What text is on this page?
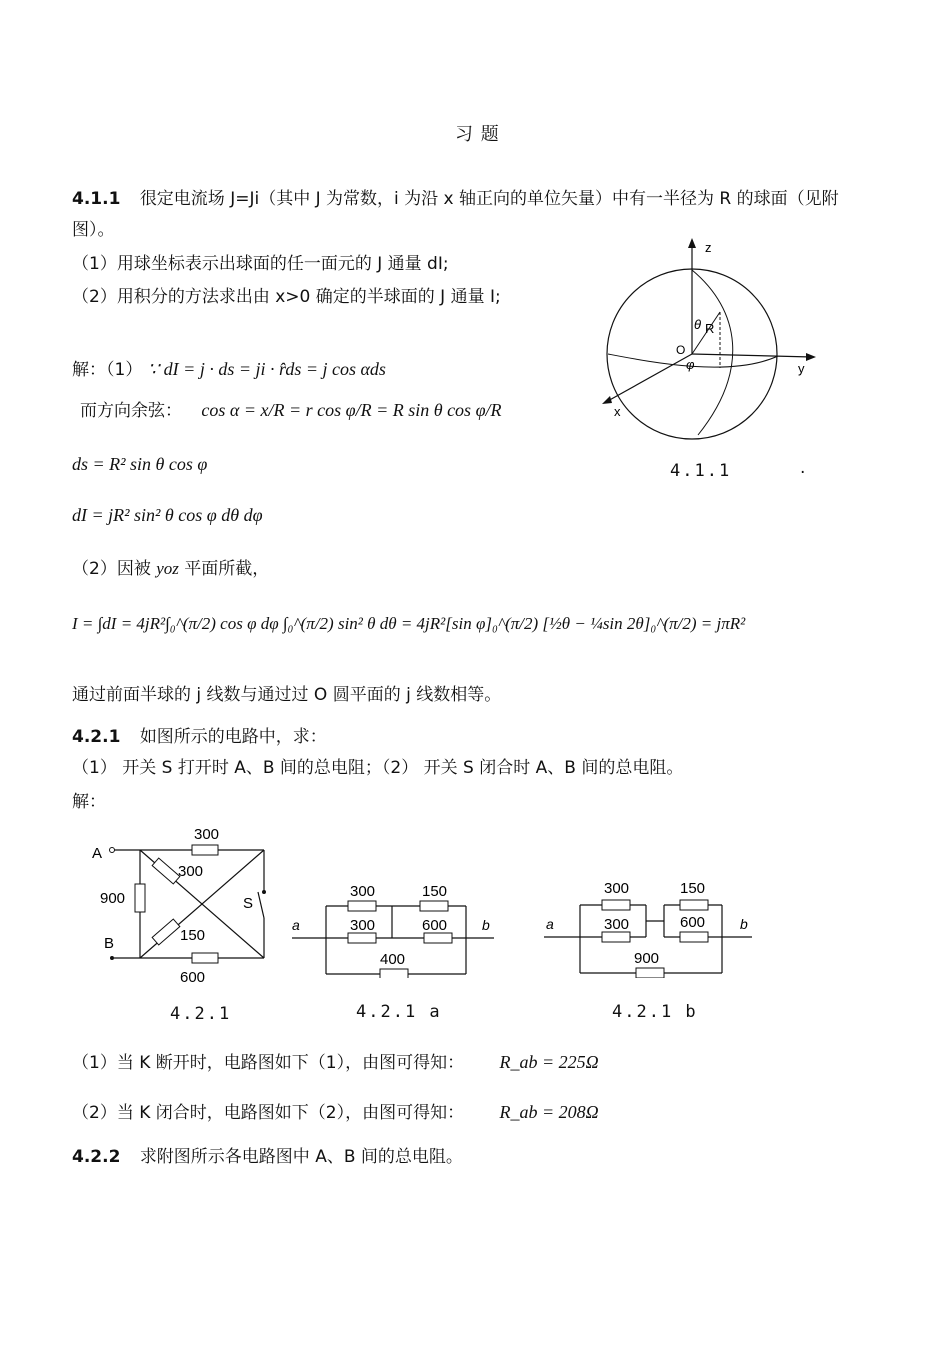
习 题
4.1.1 很定电流场 J=Ji（其中 J 为常数，i 为沿 x 轴正向的单位矢量）中有一半径为 R 的球面（见附
图）。
（1）用球坐标表示出球面的任一面元的 J 通量 dI;
（2）用积分的方法求出由 x>0 确定的半球面的 J 通量 I;
解：（1） ∵ dI = j · ds = ji · r̂ds = j cos αds
而方向余弦： cos α = x/R = r cos φ/R = R sin θ cos φ/R
ds = R² sin θ cos φ
dI = jR² sin² θ cos φ dθ dφ
（2）因被 yoz 平面所截，
I = ∫dI = 4jR²∫₀^(π/2) cos φ dφ ∫₀^(π/2) sin² θ dθ = 4jR²[sin φ]₀^(π/2) [½θ − ¼sin 2θ]₀^(π/2) = jπR²
通过前面半球的 j 线数与通过过 O 圆平面的 j 线数相等。
z
y
x
O
θ R
φ
4.1.1	.
4.2.1 如图所示的电路中，求：
（1） 开关 S 打开时 A、B 间的总电阻；（2） 开关 S 闭合时 A、B 间的总电阻。
解：
A
B
S
300
300
900
150
600
4.2.1
a	b
300	150
300	600
400
4.2.1 a
a	b
300	150
300	600
900
4.2.1 b
（1）当 K 断开时，电路图如下（1），由图可得知： R_ab = 225Ω
（2）当 K 闭合时，电路图如下（2），由图可得知： R_ab = 208Ω
4.2.2 求附图所示各电路图中 A、B 间的总电阻。
